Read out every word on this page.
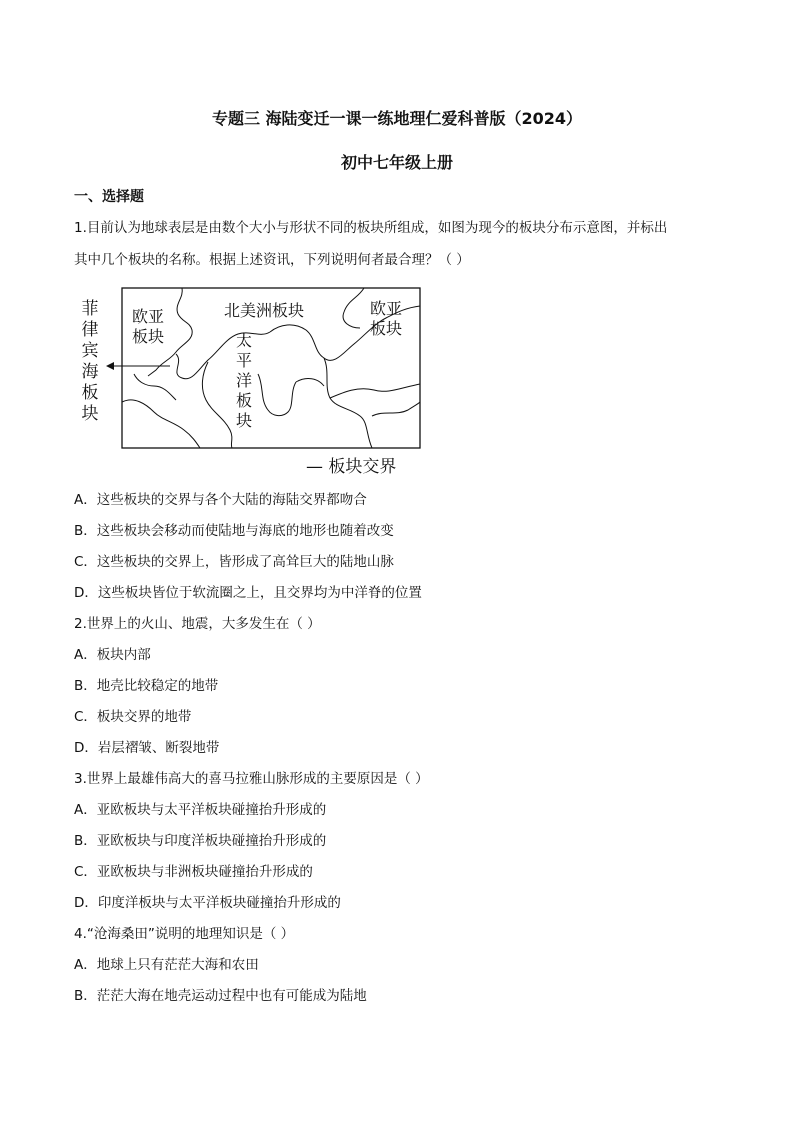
专题三 海陆变迁一课一练地理仁爱科普版（2024）
初中七年级上册
一、选择题
1.目前认为地球表层是由数个大小与形状不同的板块所组成，如图为现今的板块分布示意图，并标出
其中几个板块的名称。根据上述资讯，下列说明何者最合理？（ ）
菲律宾海板块
欧亚板块
北美洲板块	欧亚板块
太平洋板块
— 板块交界
A．这些板块的交界与各个大陆的海陆交界都吻合
B．这些板块会移动而使陆地与海底的地形也随着改变
C．这些板块的交界上，皆形成了高耸巨大的陆地山脉
D．这些板块皆位于软流圈之上，且交界均为中洋脊的位置
2.世界上的火山、地震，大多发生在（ ）
A．板块内部
B．地壳比较稳定的地带
C．板块交界的地带
D．岩层褶皱、断裂地带
3.世界上最雄伟高大的喜马拉雅山脉形成的主要原因是（ ）
A．亚欧板块与太平洋板块碰撞抬升形成的
B．亚欧板块与印度洋板块碰撞抬升形成的
C．亚欧板块与非洲板块碰撞抬升形成的
D．印度洋板块与太平洋板块碰撞抬升形成的
4.“沧海桑田”说明的地理知识是（ ）
A．地球上只有茫茫大海和农田
B．茫茫大海在地壳运动过程中也有可能成为陆地
